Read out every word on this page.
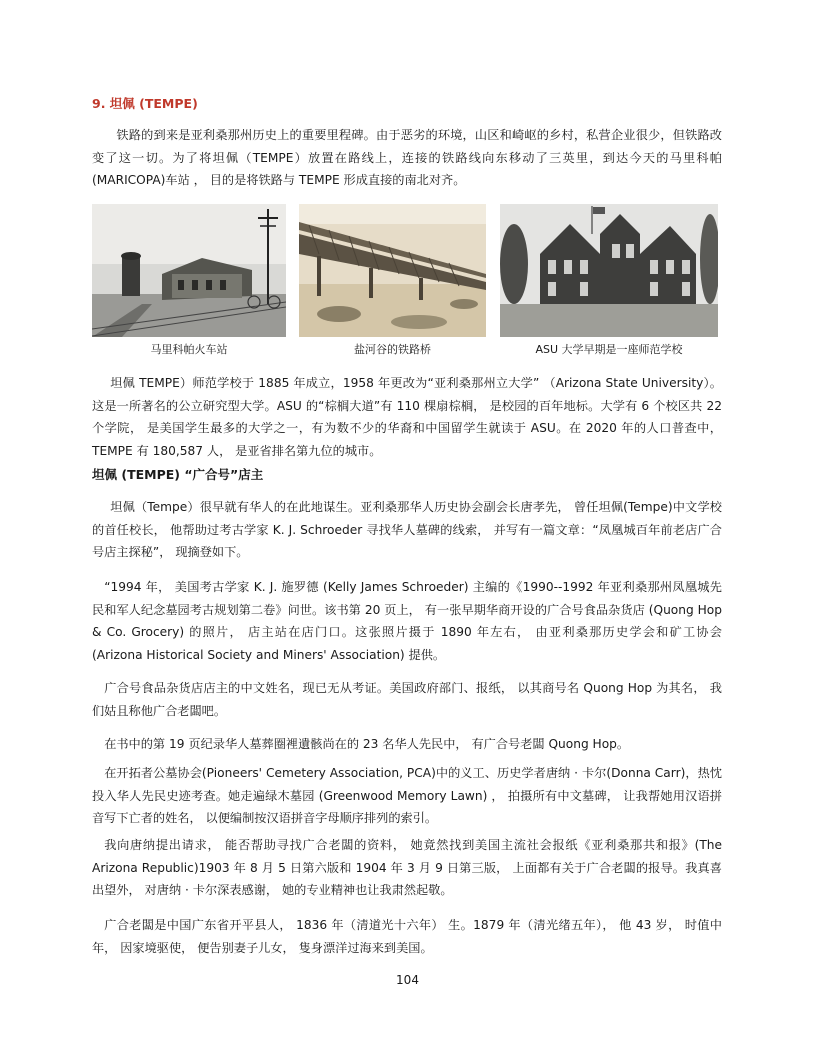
9. 坦佩 (TEMPE)
铁路的到来是亚利桑那州历史上的重要里程碑。由于恶劣的环境，山区和崎岖的乡村，私营企业很少，但铁路改变了这一切。为了将坦佩（TEMPE）放置在路线上，连接的铁路线向东移动了三英里，到达今天的马里科帕(MARICOPA)车站 ， 目的是将铁路与 TEMPE 形成直接的南北对齐。
马里科帕火车站	盐河谷的铁路桥	ASU 大学早期是一座师范学校
坦佩 TEMPE）师范学校于 1885 年成立，1958 年更改为“亚利桑那州立大学” （Arizona State University）。这是一所著名的公立研究型大学。ASU 的“棕榈大道”有 110 棵扇棕榈， 是校园的百年地标。大学有 6 个校区共 22 个学院， 是美国学生最多的大学之一，有为数不少的华裔和中国留学生就读于 ASU。在 2020 年的人口普查中， TEMPE 有 180,587 人， 是亚省排名第九位的城市。
坦佩 (TEMPE) “广合号”店主
坦佩（Tempe）很早就有华人的在此地谋生。亚利桑那华人历史协会副会长唐孝先， 曾任坦佩(Tempe)中文学校的首任校长， 他帮助过考古学家 K. J. Schroeder 寻找华人墓碑的线索， 并写有一篇文章：“凤凰城百年前老店广合号店主探秘”， 现摘登如下。
“1994 年， 美国考古学家 K. J. 施罗德 (Kelly James Schroeder) 主编的《1990--1992 年亚利桑那州凤凰城先民和军人纪念墓园考古规划第二卷》问世。该书第 20 页上， 有一张早期华商开设的广合号食品杂货店 (Quong Hop & Co. Grocery) 的照片， 店主站在店门口。这张照片摄于 1890 年左右， 由亚利桑那历史学会和矿工协会 (Arizona Historical Society and Miners' Association) 提供。
广合号食品杂货店店主的中文姓名，现已无从考证。美国政府部门、报纸， 以其商号名 Quong Hop 为其名， 我们姑且称他广合老闆吧。
在书中的第 19 页纪录华人墓葬圈裡遺骸尚在的 23 名华人先民中， 有广合号老闆 Quong Hop。
在开拓者公墓协会(Pioneers' Cemetery Association, PCA)中的义工、历史学者唐纳 · 卡尔(Donna Carr)，热忱投入华人先民史迹考查。她走遍绿木墓园 (Greenwood Memory Lawn) ， 拍摄所有中文墓碑， 让我帮她用汉语拼音写下亡者的姓名， 以便编制按汉语拼音字母顺序排列的索引。
我向唐纳提出请求， 能否帮助寻找广合老闆的资料， 她竟然找到美国主流社会报纸《亚利桑那共和报》(The Arizona Republic)1903 年 8 月 5 日第六版和 1904 年 3 月 9 日第三版， 上面都有关于广合老闆的报导。我真喜出望外， 对唐纳 · 卡尔深表感谢， 她的专业精神也让我肃然起敬。
广合老闆是中国广东省开平县人， 1836 年（清道光十六年） 生。1879 年（清光绪五年）， 他 43 岁， 时值中年， 因家境驱使， 便告别妻子儿女， 隻身漂洋过海来到美国。
104
